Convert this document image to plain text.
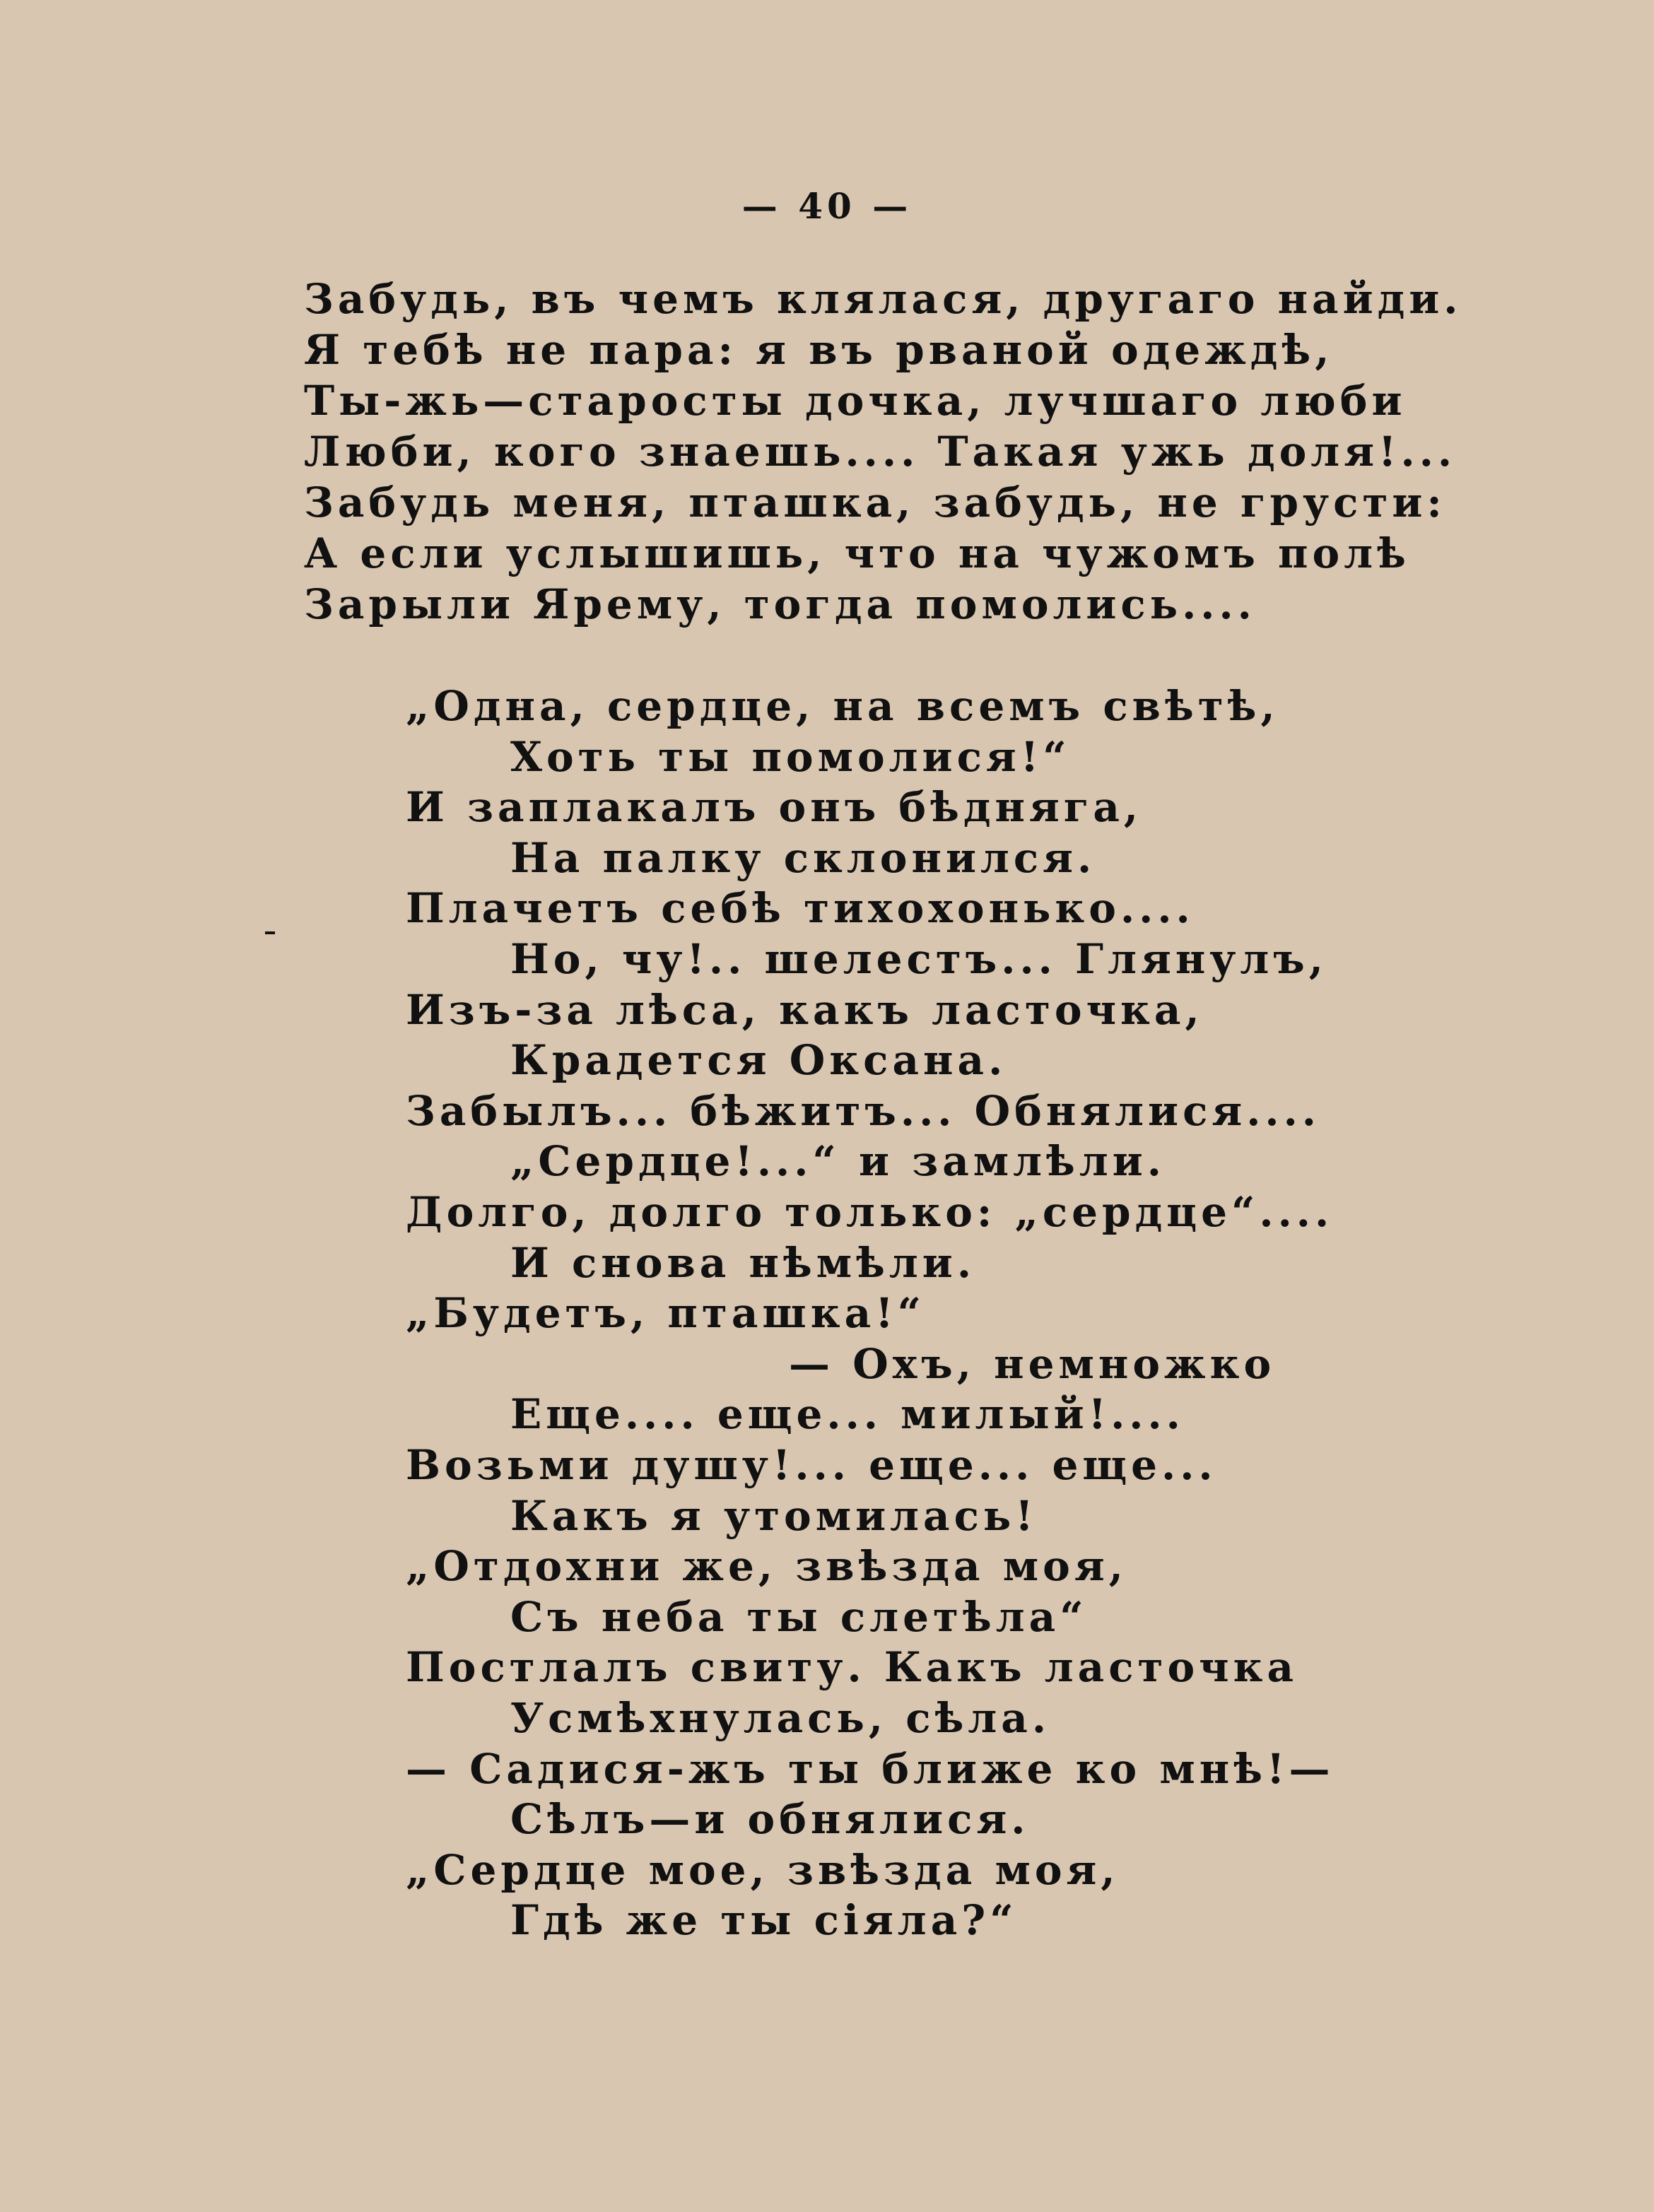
— 40 —
Забудь, въ чемъ клялася, другаго найди.
Я тебѣ не пара: я въ рваной одеждѣ,
Ты-жь—старосты дочка, лучшаго люби
Люби, кого знаешь.... Такая ужь доля!...
Забудь меня, пташка, забудь, не грусти:
А если услышишь, что на чужомъ полѣ
Зарыли Ярему, тогда помолись....
„Одна, сердце, на всемъ свѣтѣ,
Хоть ты помолися!“
И заплакалъ онъ бѣдняга,
На палку склонился.
Плачетъ себѣ тихохонько....
Но, чу!.. шелестъ... Глянулъ,
Изъ-за лѣса, какъ ласточка,
Крадется Оксана.
Забылъ... бѣжитъ... Обнялися....
„Сердце!...“ и замлѣли.
Долго, долго только: „сердце“....
И снова нѣмѣли.
„Будетъ, пташка!“
— Охъ, немножко
Еще.... еще... милый!....
Возьми душу!... еще... еще...
Какъ я утомилась!
„Отдохни же, звѣзда моя,
Съ неба ты слетѣла“
Постлалъ свиту. Какъ ласточка
Усмѣхнулась, сѣла.
— Садися-жъ ты ближе ко мнѣ!—
Сѣлъ—и обнялися.
„Сердце мое, звѣзда моя,
Гдѣ же ты сіяла?“
